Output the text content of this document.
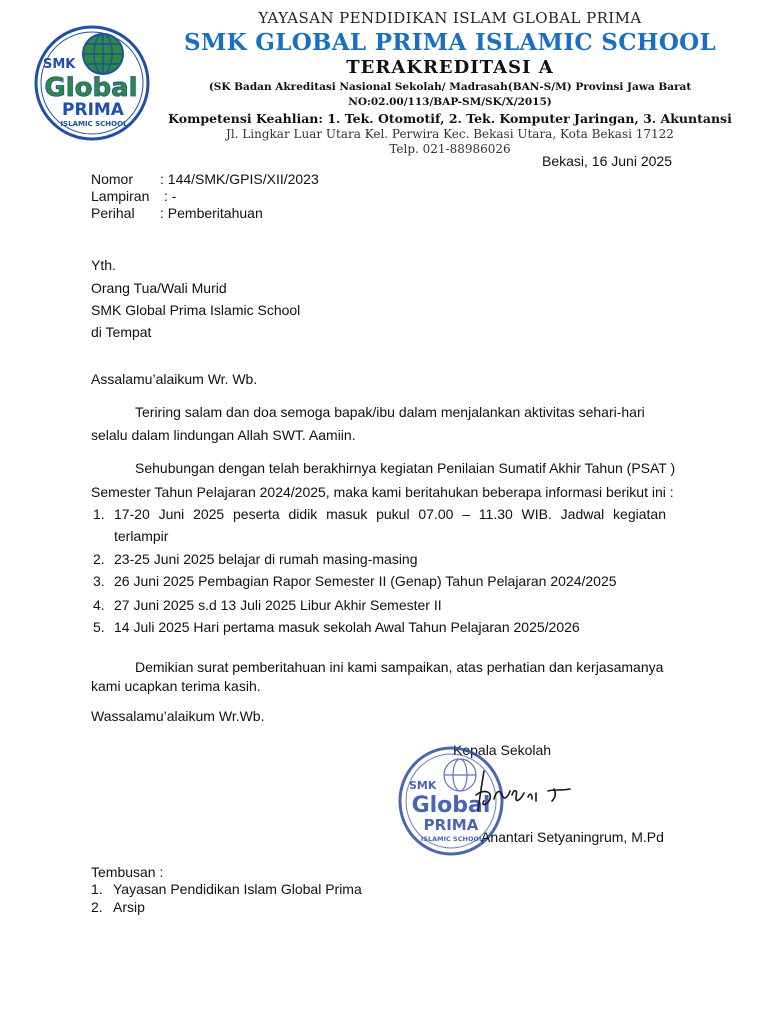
SMK
Global
PRIMA
ISLAMIC SCHOOL
YAYASAN PENDIDIKAN ISLAM GLOBAL PRIMA
SMK GLOBAL PRIMA ISLAMIC SCHOOL
TERAKREDITASI A
(SK Badan Akreditasi Nasional Sekolah/ Madrasah(BAN-S/M) Provinsi Jawa Barat NO:02.00/113/BAP-SM/SK/X/2015)
Kompetensi Keahlian: 1. Tek. Otomotif, 2. Tek. Komputer Jaringan, 3. Akuntansi
Jl. Lingkar Luar Utara Kel. Perwira Kec. Bekasi Utara, Kota Bekasi 17122
Telp. 021-88986026
Bekasi, 16 Juni 2025
Nomor : 144/SMK/GPIS/XII/2023
Lampiran : -
Perihal : Pemberitahuan
Yth.
Orang Tua/Wali Murid
SMK Global Prima Islamic School
di Tempat
Assalamu’alaikum Wr. Wb.
Teriring salam dan doa semoga bapak/ibu dalam menjalankan aktivitas sehari-hari
selalu dalam lindungan Allah SWT. Aamiin.
Sehubungan dengan telah berakhirnya kegiatan Penilaian Sumatif Akhir Tahun (PSAT )
Semester Tahun Pelajaran 2024/2025, maka kami beritahukan beberapa informasi berikut ini :
1. 17-20 Juni 2025 peserta didik masuk pukul 07.00 – 11.30 WIB. Jadwal kegiatan
terlampir
2. 23-25 Juni 2025 belajar di rumah masing-masing
3. 26 Juni 2025 Pembagian Rapor Semester II (Genap) Tahun Pelajaran 2024/2025
4. 27 Juni 2025 s.d 13 Juli 2025 Libur Akhir Semester II
5. 14 Juli 2025 Hari pertama masuk sekolah Awal Tahun Pelajaran 2025/2026
Demikian surat pemberitahuan ini kami sampaikan, atas perhatian dan kerjasamanya
kami ucapkan terima kasih.
Wassalamu’alaikum Wr.Wb.
Kepala Sekolah
SMK
Global
PRIMA
ISLAMIC SCHOOL
Anantari Setyaningrum, M.Pd
Tembusan :
1. Yayasan Pendidikan Islam Global Prima
2. Arsip
